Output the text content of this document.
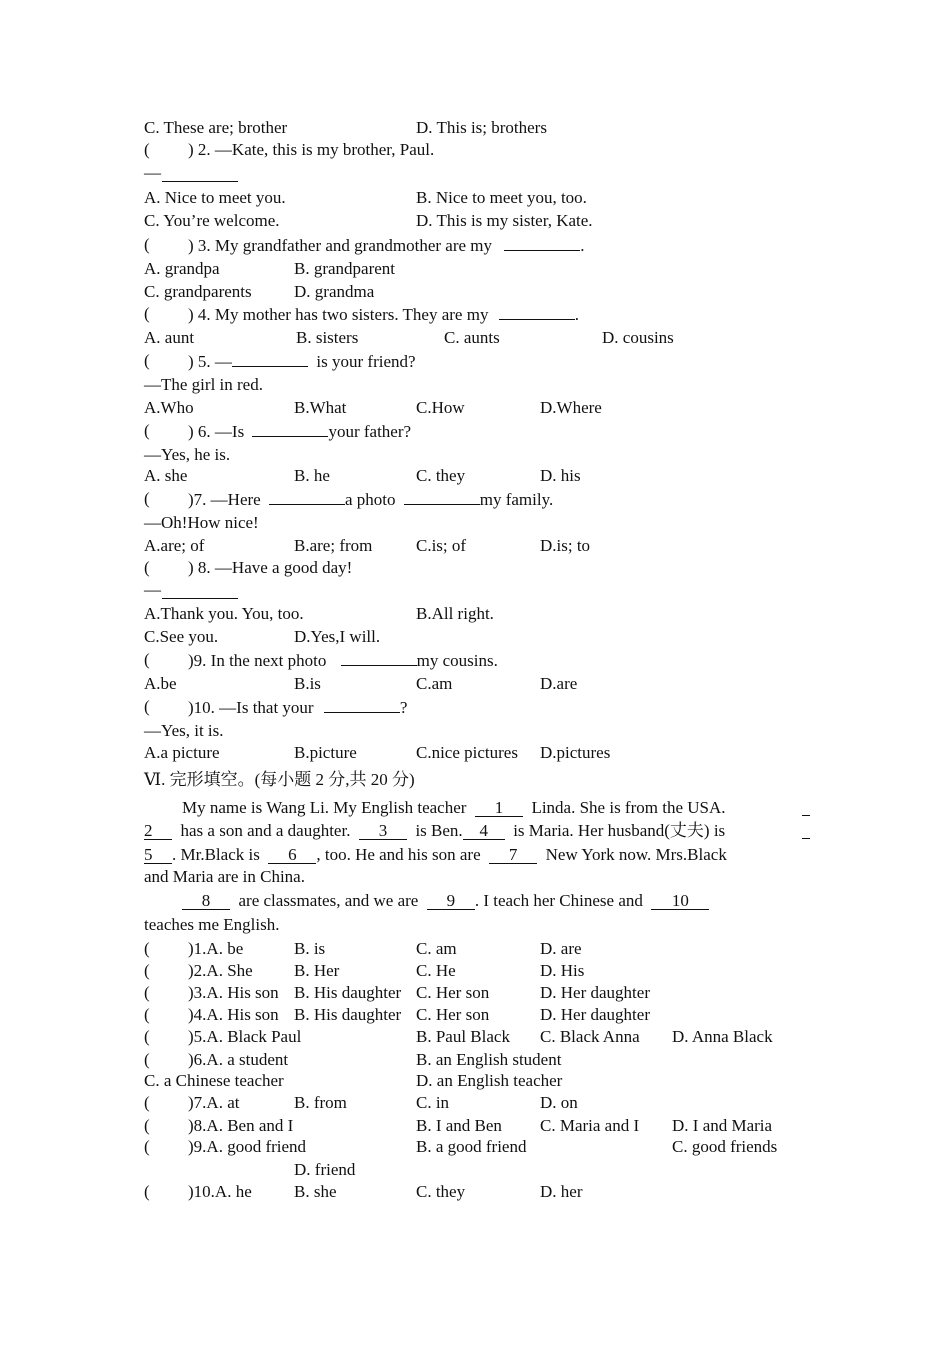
C. These are; brother	D. This is; brothers
( ) 2. —Kate, this is my brother, Paul.
—
A. Nice to meet you.	B. Nice to meet you, too.
C. You’re welcome.	D. This is my sister, Kate.
( ) 3. My grandfather and grandmother are my	.
A. grandpa	B. grandparent
C. grandparents D. grandma
( ) 4. My mother has two sisters. They are my	.
A. aunt	B. sisters	C. aunts	D. cousins
( ) 5. —	is your friend?
—The girl in red.
A.Who	B.What	C.How	D.Where
( ) 6. —Is	your father?
—Yes, he is.
A. she	B. he	C. they	D. his
( )7. —Here	a photo	my family.
—Oh!How nice!
A.are; of	B.are; from	C.is; of	D.is; to
( ) 8. —Have a good day!
—
A.Thank you. You, too.	B.All right.
C.See you.	D.Yes,I will.
( )9. In the next photo	my cousins.
A.be	B.is	C.am	D.are
( )10. —Is that your	?
—Yes, it is.
A.a picture	B.picture	C.nice pictures D.pictures
Ⅵ. 完形填空。(每小题 2 分,共 20 分)
My name is Wang Li. My English teacher 1 Linda. She is from the USA.
2 has a son and a daughter. 3 is Ben. 4 is Maria. Her husband(丈夫) is
5 . Mr.Black is 6 , too. He and his son are 7 New York now. Mrs.Black
and Maria are in China.
8 are classmates, and we are 9 . I teach her Chinese and 10
teaches me English.
( )1.A. be	B. is	C. am	D. are
( )2.A. She B. Her	C. He	D. His
( )3.A. His son B. His daughter C. Her son	D. Her daughter
( )4.A. His son B. His daughter C. Her son	D. Her daughter
( )5.A. Black Paul	B. Paul Black C. Black Anna D. Anna Black
( )6.A. a student	B. an English student
C. a Chinese teacher	D. an English teacher
( )7.A. at	B. from	C. in	D. on
( )8.A. Ben and I	B. I and Ben C. Maria and I D. I and Maria
( )9.A. good friend	B. a good friend	C. good friends
D. friend
( )10.A. he B. she	C. they	D. her
